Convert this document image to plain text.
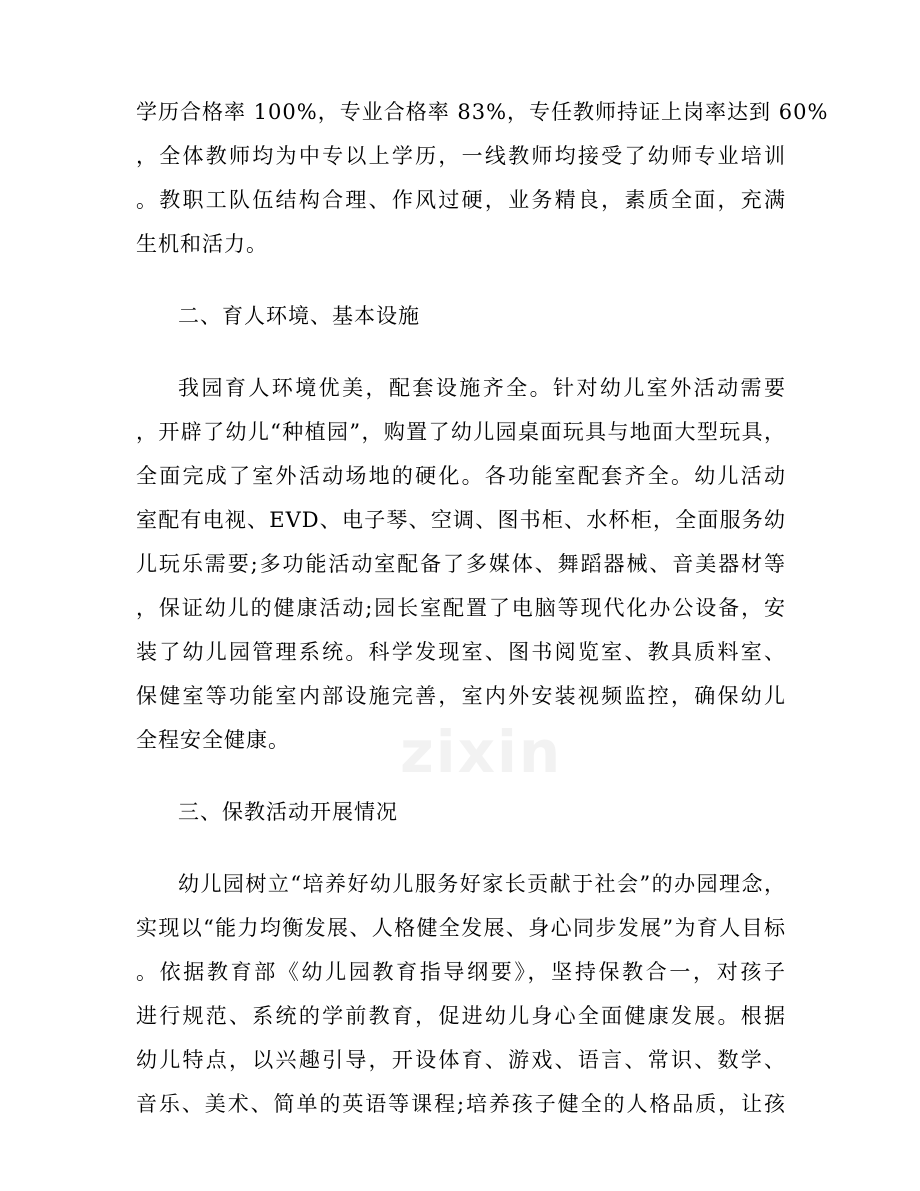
学历合格率 100%，专业合格率 83%，专任教师持证上岗率达到 60%
，全体教师均为中专以上学历，一线教师均接受了幼师专业培训
。教职工队伍结构合理、作风过硬，业务精良，素质全面，充满
生机和活力。
二、育人环境、基本设施
我园育人环境优美，配套设施齐全。针对幼儿室外活动需要
，开辟了幼儿“种植园”，购置了幼儿园桌面玩具与地面大型玩具，
全面完成了室外活动场地的硬化。各功能室配套齐全。幼儿活动
室配有电视、EVD、电子琴、空调、图书柜、水杯柜，全面服务幼
儿玩乐需要;多功能活动室配备了多媒体、舞蹈器械、音美器材等
，保证幼儿的健康活动;园长室配置了电脑等现代化办公设备，安
装了幼儿园管理系统。科学发现室、图书阅览室、教具质料室、
保健室等功能室内部设施完善，室内外安装视频监控，确保幼儿
全程安全健康。
三、保教活动开展情况
幼儿园树立“培养好幼儿服务好家长贡献于社会”的办园理念，
实现以“能力均衡发展、人格健全发展、身心同步发展”为育人目标
。依据教育部《幼儿园教育指导纲要》，坚持保教合一，对孩子
进行规范、系统的学前教育，促进幼儿身心全面健康发展。根据
幼儿特点，以兴趣引导，开设体育、游戏、语言、常识、数学、
音乐、美术、简单的英语等课程;培养孩子健全的人格品质，让孩
zixin
